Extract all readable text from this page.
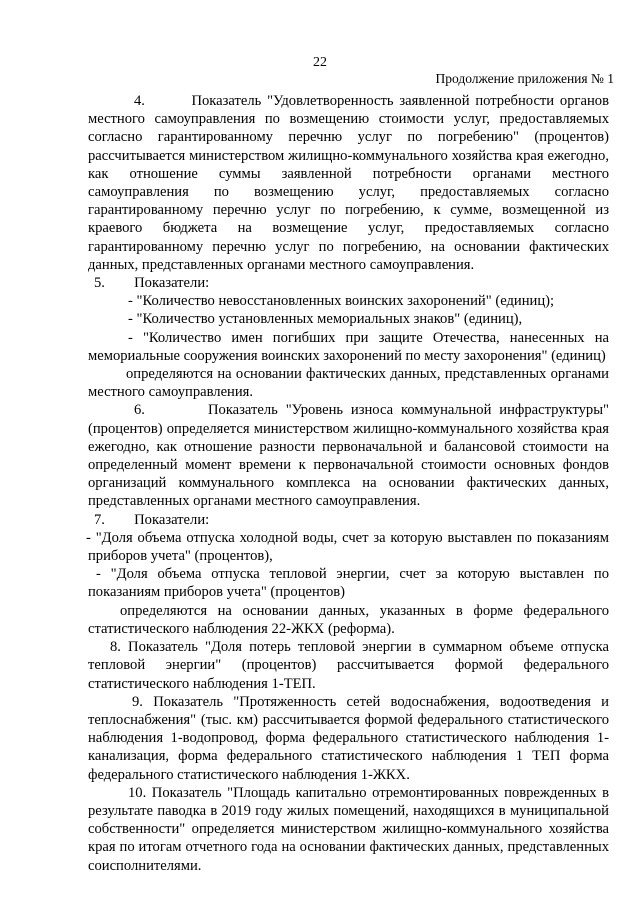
22
Продолжение приложения № 1

4.        Показатель "Удовлетворенность заявленной потребности органов местного самоуправления по возмещению стоимости услуг, предоставляемых согласно гарантированному перечню услуг по погребению" (процентов) рассчитывается министерством жилищно-коммунального хозяйства края ежегодно, как отношение суммы заявленной потребности органами местного самоуправления по возмещению услуг, предоставляемых согласно гарантированному перечню услуг по погребению, к сумме, возмещенной из краевого бюджета на возмещение услуг, предоставляемых согласно гарантированному перечню услуг по погребению, на основании фактических данных, представленных органами местного самоуправления.

5.        Показатели:

- "Количество невосстановленных воинских захоронений" (единиц);

- "Количество установленных мемориальных знаков" (единиц),

- "Количество имен погибших при защите Отечества, нанесенных на мемориальные сооружения воинских захоронений по месту захоронения" (единиц)

определяются на основании фактических данных, представленных органами местного самоуправления.

6.        Показатель "Уровень износа коммунальной инфраструктуры" (процентов) определяется министерством жилищно-коммунального хозяйства края ежегодно, как отношение разности первоначальной и балансовой стоимости на определенный момент времени к первоначальной стоимости основных фондов организаций коммунального комплекса на основании фактических данных, представленных органами местного самоуправления.

7.        Показатели:

- "Доля объема отпуска холодной воды, счет за которую выставлен по показаниям приборов учета" (процентов),

- "Доля объема отпуска тепловой энергии, счет за которую выставлен по показаниям приборов учета" (процентов)

определяются на основании данных, указанных в форме федерального статистического наблюдения 22-ЖКХ (реформа).

8. Показатель "Доля потерь тепловой энергии в суммарном объеме отпуска тепловой энергии" (процентов) рассчитывается формой федерального статистического наблюдения 1-ТЕП.

9. Показатель "Протяженность сетей водоснабжения, водоотведения и теплоснабжения" (тыс. км) рассчитывается формой федерального статистического наблюдения 1-водопровод, форма федерального статистического наблюдения 1-канализация, форма федерального статистического наблюдения 1 ТЕП форма федерального статистического наблюдения 1-ЖКХ.

10. Показатель "Площадь капитально отремонтированных поврежденных в результате паводка в 2019 году жилых помещений, находящихся в муниципальной собственности" определяется министерством жилищно-коммунального хозяйства края по итогам отчетного года на основании фактических данных, представленных соисполнителями.
